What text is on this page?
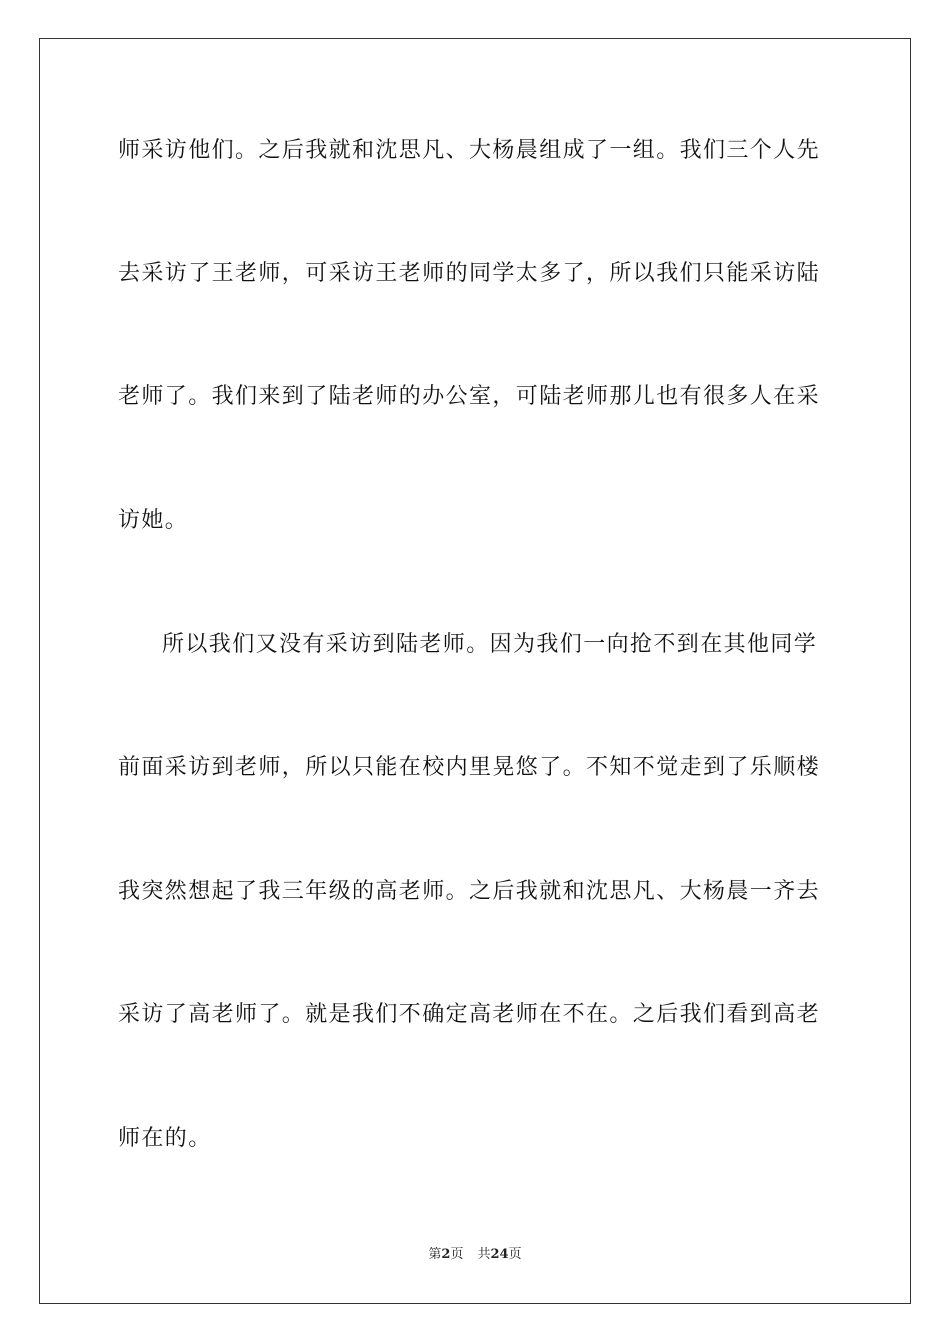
师采访他们。之后我就和沈思凡、大杨晨组成了一组。我们三个人先
去采访了王老师，可采访王老师的同学太多了，所以我们只能采访陆
老师了。我们来到了陆老师的办公室，可陆老师那儿也有很多人在采
访她。
所以我们又没有采访到陆老师。因为我们一向抢不到在其他同学
前面采访到老师，所以只能在校内里晃悠了。不知不觉走到了乐顺楼
我突然想起了我三年级的高老师。之后我就和沈思凡、大杨晨一齐去
采访了高老师了。就是我们不确定高老师在不在。之后我们看到高老
师在的。
第2页 共24页
